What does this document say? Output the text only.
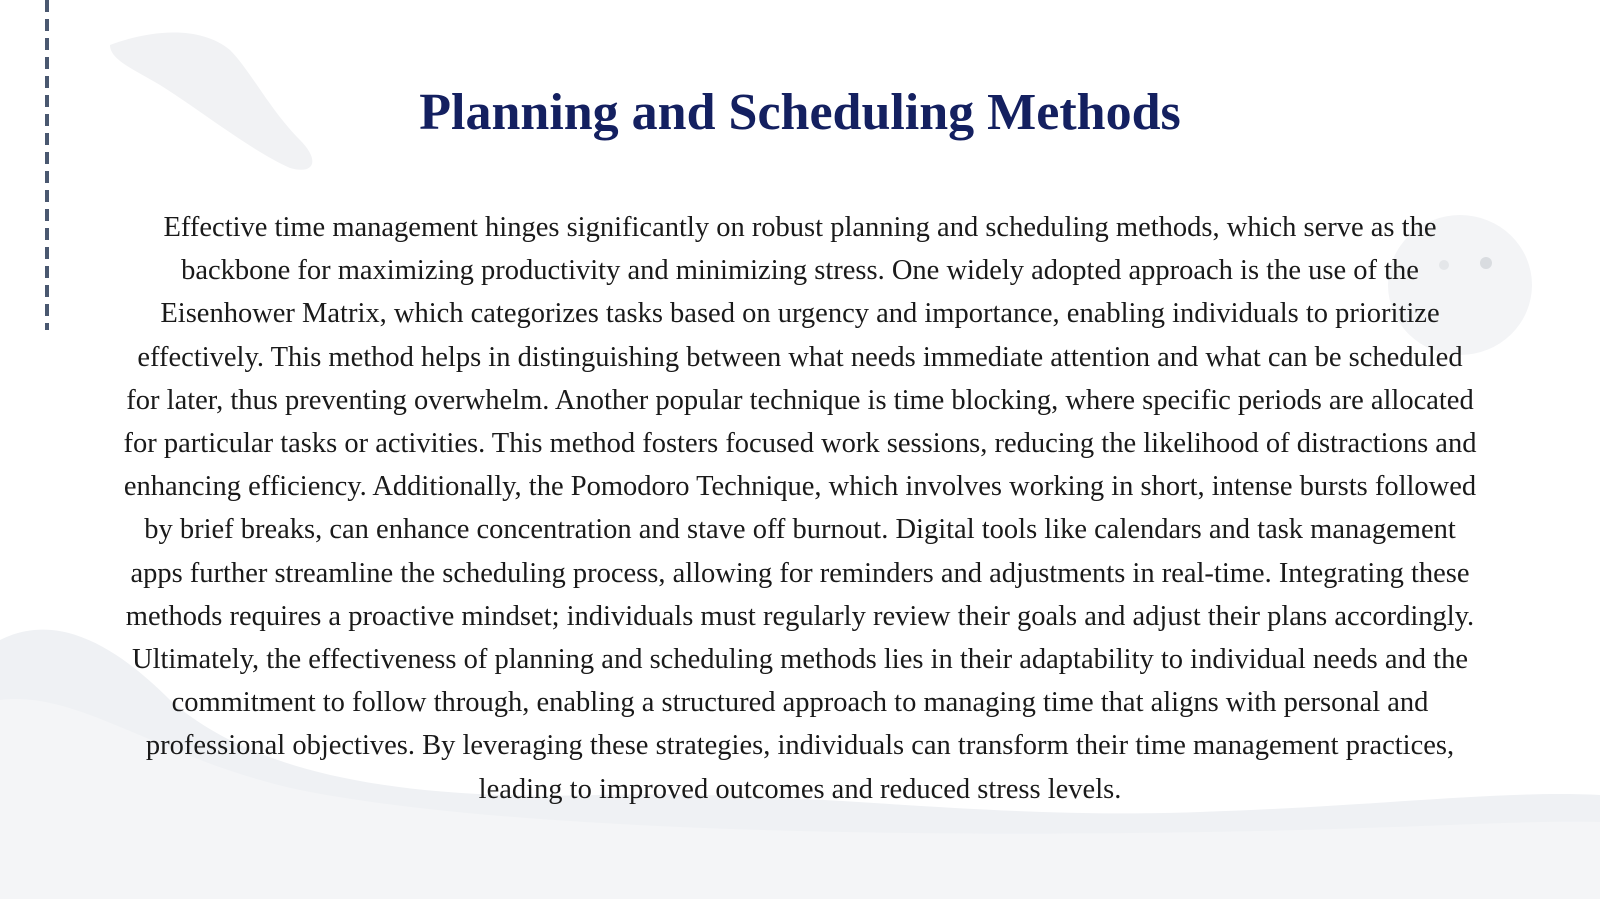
Planning and Scheduling Methods

Effective time management hinges significantly on robust planning and scheduling methods, which serve as the backbone for maximizing productivity and minimizing stress. One widely adopted approach is the use of the Eisenhower Matrix, which categorizes tasks based on urgency and importance, enabling individuals to prioritize effectively. This method helps in distinguishing between what needs immediate attention and what can be scheduled for later, thus preventing overwhelm. Another popular technique is time blocking, where specific periods are allocated for particular tasks or activities. This method fosters focused work sessions, reducing the likelihood of distractions and enhancing efficiency. Additionally, the Pomodoro Technique, which involves working in short, intense bursts followed by brief breaks, can enhance concentration and stave off burnout. Digital tools like calendars and task management apps further streamline the scheduling process, allowing for reminders and adjustments in real-time. Integrating these methods requires a proactive mindset; individuals must regularly review their goals and adjust their plans accordingly. Ultimately, the effectiveness of planning and scheduling methods lies in their adaptability to individual needs and the commitment to follow through, enabling a structured approach to managing time that aligns with personal and professional objectives. By leveraging these strategies, individuals can transform their time management practices, leading to improved outcomes and reduced stress levels.
